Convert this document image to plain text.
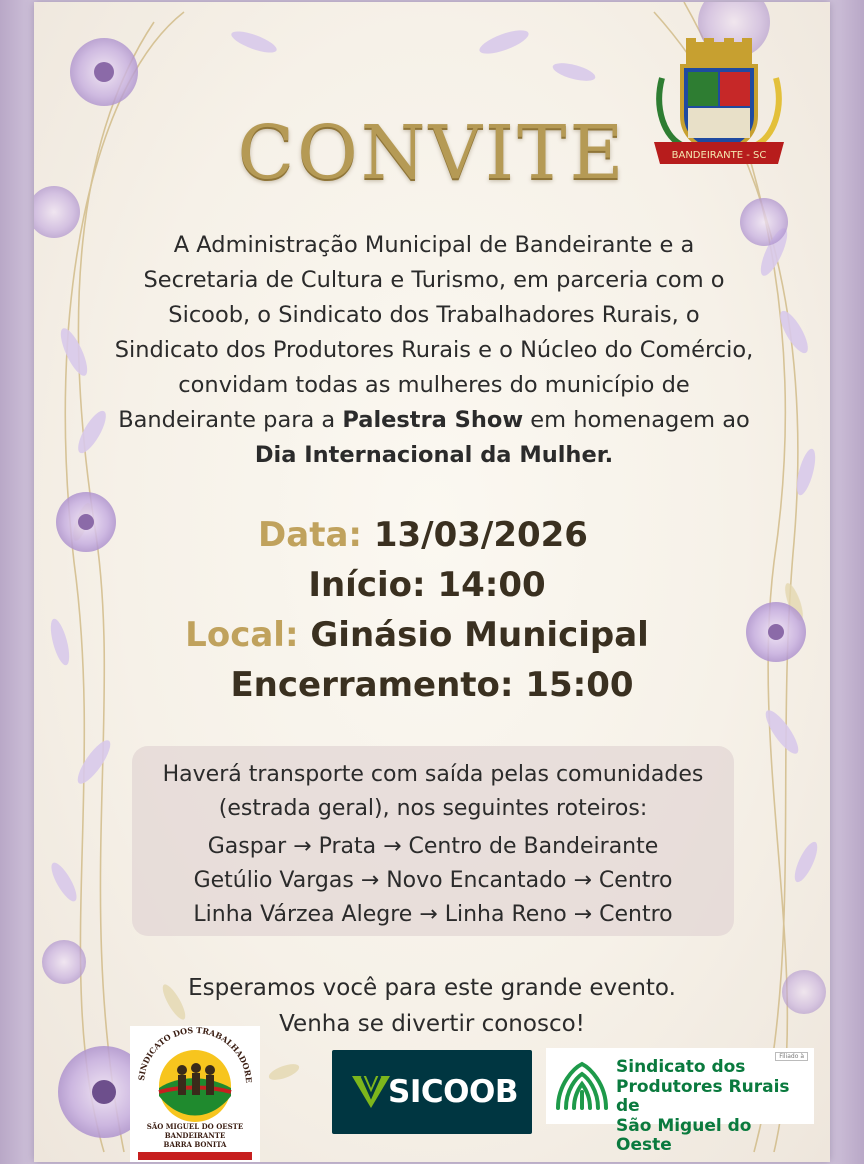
BANDEIRANTE - SC
CONVITE
A Administração Municipal de Bandeirante e a Secretaria de Cultura e Turismo, em parceria com o Sicoob, o Sindicato dos Trabalhadores Rurais, o Sindicato dos Produtores Rurais e o Núcleo do Comércio, convidam todas as mulheres do município de Bandeirante para a Palestra Show em homenagem ao Dia Internacional da Mulher.
Data: 13/03/2026
Início: 14:00
Local: Ginásio Municipal
Encerramento: 15:00
Haverá transporte com saída pelas comunidades
(estrada geral), nos seguintes roteiros:
Gaspar → Prata → Centro de Bandeirante
Getúlio Vargas → Novo Encantado → Centro
Linha Várzea Alegre → Linha Reno → Centro
Esperamos você para este grande evento.
Venha se divertir conosco!
SINDICATO DOS TRABALHADORE
SÃO MIGUEL DO OESTE
BANDEIRANTE
BARRA BONITA
SICOOB
Filiado à
Sindicato dos
Produtores Rurais de
São Miguel do Oeste
